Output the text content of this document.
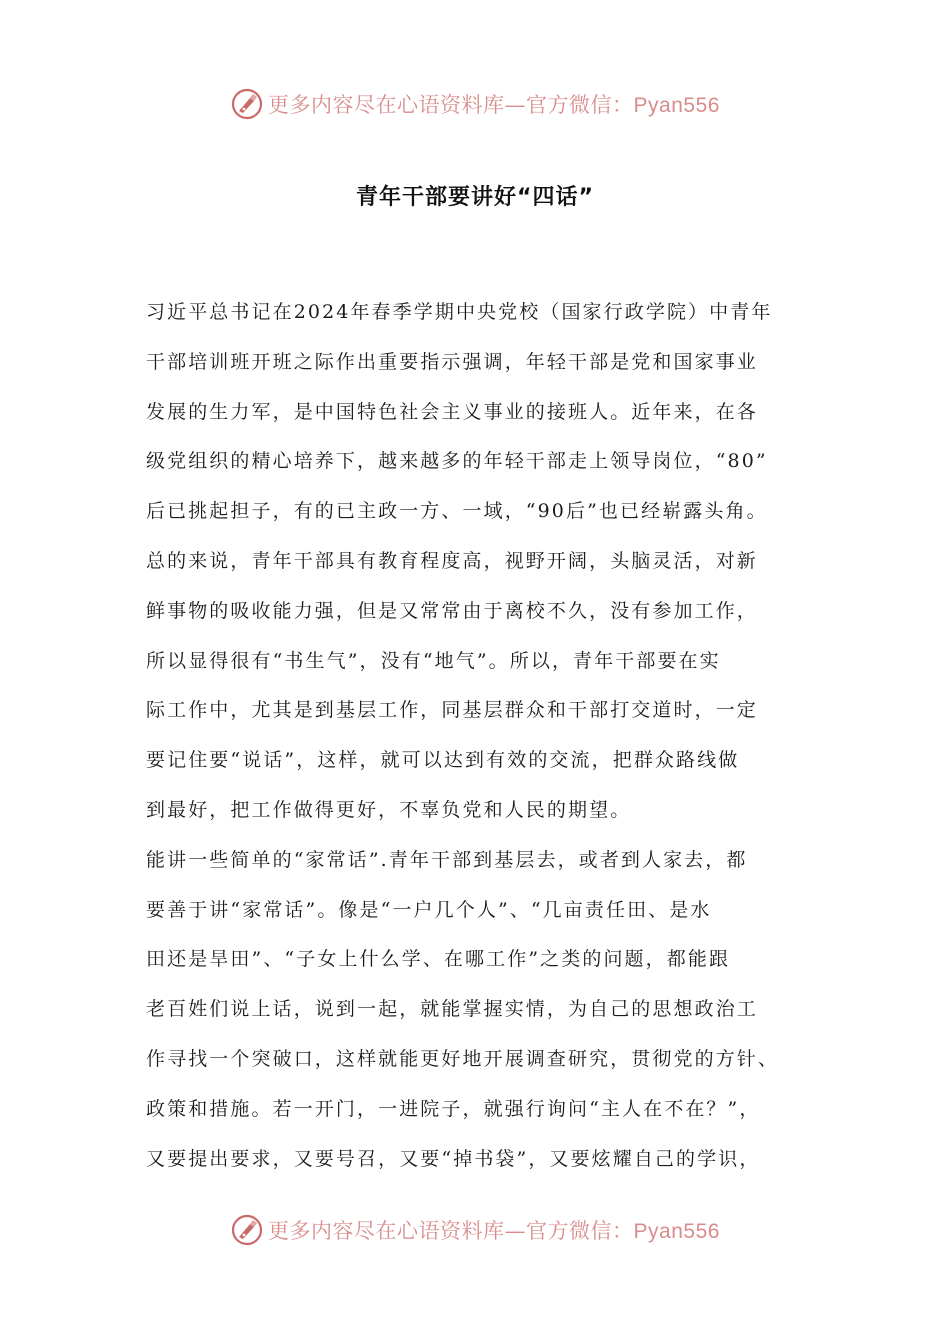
更多内容尽在心语资料库—官方微信：Pyan556
青年干部要讲好“四话”
习近平总书记在2024年春季学期中央党校（国家行政学院）中青年
干部培训班开班之际作出重要指示强调，年轻干部是党和国家事业
发展的生力军，是中国特色社会主义事业的接班人。近年来，在各
级党组织的精心培养下，越来越多的年轻干部走上领导岗位，“80”
后已挑起担子，有的已主政一方、一域，“90后”也已经崭露头角。
总的来说，青年干部具有教育程度高，视野开阔，头脑灵活，对新
鲜事物的吸收能力强，但是又常常由于离校不久，没有参加工作，
所以显得很有“书生气”，没有“地气”。所以，青年干部要在实
际工作中，尤其是到基层工作，同基层群众和干部打交道时，一定
要记住要“说话”，这样，就可以达到有效的交流，把群众路线做
到最好，把工作做得更好，不辜负党和人民的期望。
能讲一些简单的“家常话”.青年干部到基层去，或者到人家去，都
要善于讲“家常话”。像是“一户几个人”、“几亩责任田、是水
田还是旱田”、“子女上什么学、在哪工作”之类的问题，都能跟
老百姓们说上话，说到一起，就能掌握实情，为自己的思想政治工
作寻找一个突破口，这样就能更好地开展调查研究，贯彻党的方针、
政策和措施。若一开门，一进院子，就强行询问“主人在不在？”，
又要提出要求，又要号召，又要“掉书袋”，又要炫耀自己的学识，
更多内容尽在心语资料库—官方微信：Pyan556
